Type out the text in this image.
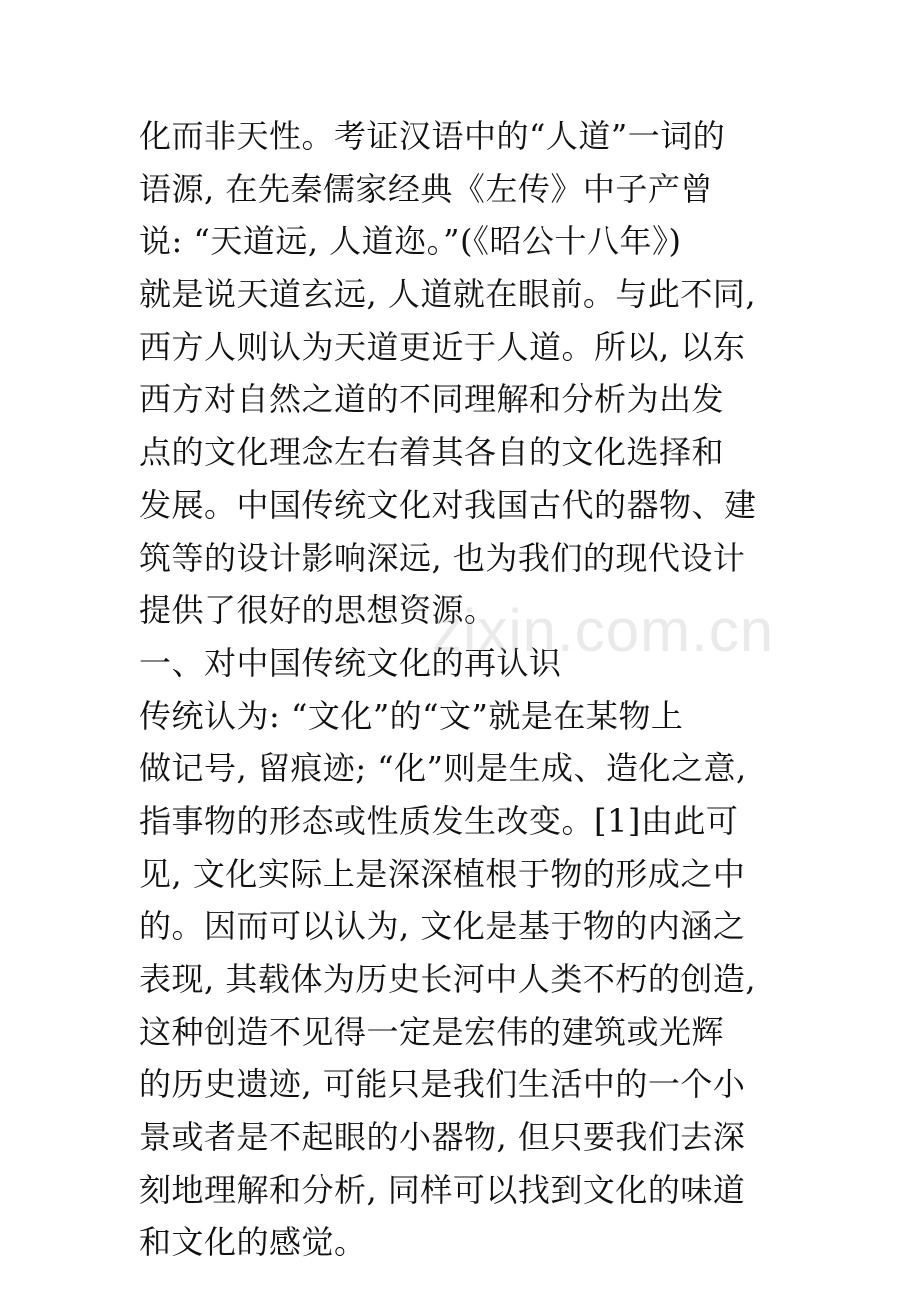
化而非天性。考证汉语中的“人道”一词的
语源, 在先秦儒家经典《左传》中子产曾
说: “天道远, 人道迩。”(《昭公十八年》)
就是说天道玄远, 人道就在眼前。与此不同,
西方人则认为天道更近于人道。所以, 以东
西方对自然之道的不同理解和分析为出发
点的文化理念左右着其各自的文化选择和
发展。中国传统文化对我国古代的器物、建
筑等的设计影响深远, 也为我们的现代设计
提供了很好的思想资源。
一、对中国传统文化的再认识
传统认为: “文化”的“文”就是在某物上
做记号, 留痕迹; “化”则是生成、造化之意,
指事物的形态或性质发生改变。[1]由此可
见, 文化实际上是深深植根于物的形成之中
的。因而可以认为, 文化是基于物的内涵之
表现, 其载体为历史长河中人类不朽的创造,
这种创造不见得一定是宏伟的建筑或光辉
的历史遗迹, 可能只是我们生活中的一个小
景或者是不起眼的小器物, 但只要我们去深
刻地理解和分析, 同样可以找到文化的味道
和文化的感觉。
zixin.com.cn
